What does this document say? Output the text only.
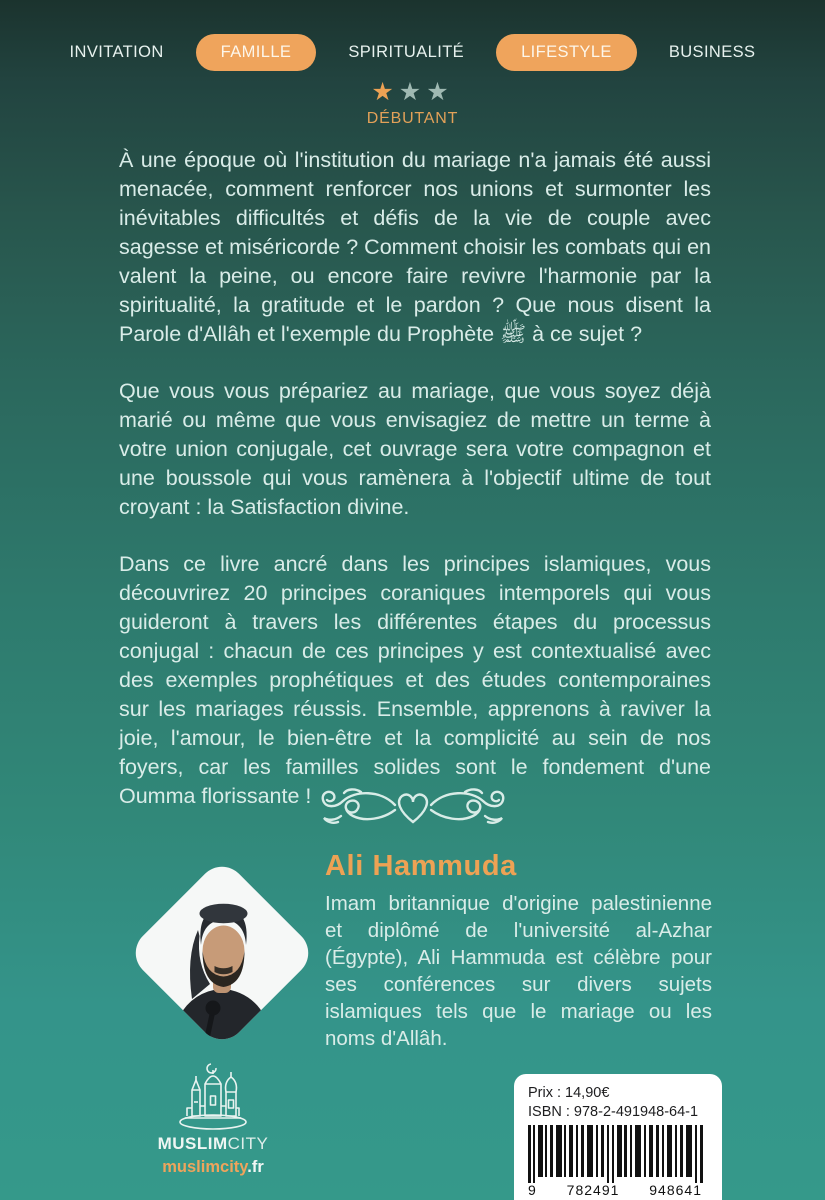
INVITATION	FAMILLE	SPIRITUALITÉ	LIFESTYLE	BUSINESS
★★★
DÉBUTANT

À une époque où l'institution du mariage n'a jamais été aussi menacée, comment renforcer nos unions et surmonter les inévitables difficultés et défis de la vie de couple avec sagesse et miséricorde ? Comment choisir les combats qui en valent la peine, ou encore faire revivre l'harmonie par la spiritualité, la gratitude et le pardon ? Que nous disent la Parole d'Allâh et l'exemple du Prophète ﷺ à ce sujet ?

Que vous vous prépariez au mariage, que vous soyez déjà marié ou même que vous envisagiez de mettre un terme à votre union conjugale, cet ouvrage sera votre compagnon et une boussole qui vous ramènera à l'objectif ultime de tout croyant : la Satisfaction divine.

Dans ce livre ancré dans les principes islamiques, vous découvrirez 20 principes coraniques intemporels qui vous guideront à travers les différentes étapes du processus conjugal : chacun de ces principes y est contextualisé avec des exemples prophétiques et des études contemporaines sur les mariages réussis. Ensemble, apprenons à raviver la joie, l'amour, le bien-être et la complicité au sein de nos foyers, car les familles solides sont le fondement d'une Oumma florissante !

Ali Hammuda
Imam britannique d'origine palestinienne et diplômé de l'université al-Azhar (Égypte), Ali Hammuda est célèbre pour ses conférences sur divers sujets islamiques tels que le mariage ou les noms d'Allâh.
MUSLIMCITY
muslimcity.fr
Prix : 14,90€
ISBN : 978-2-491948-64-1
9 782491 948641
